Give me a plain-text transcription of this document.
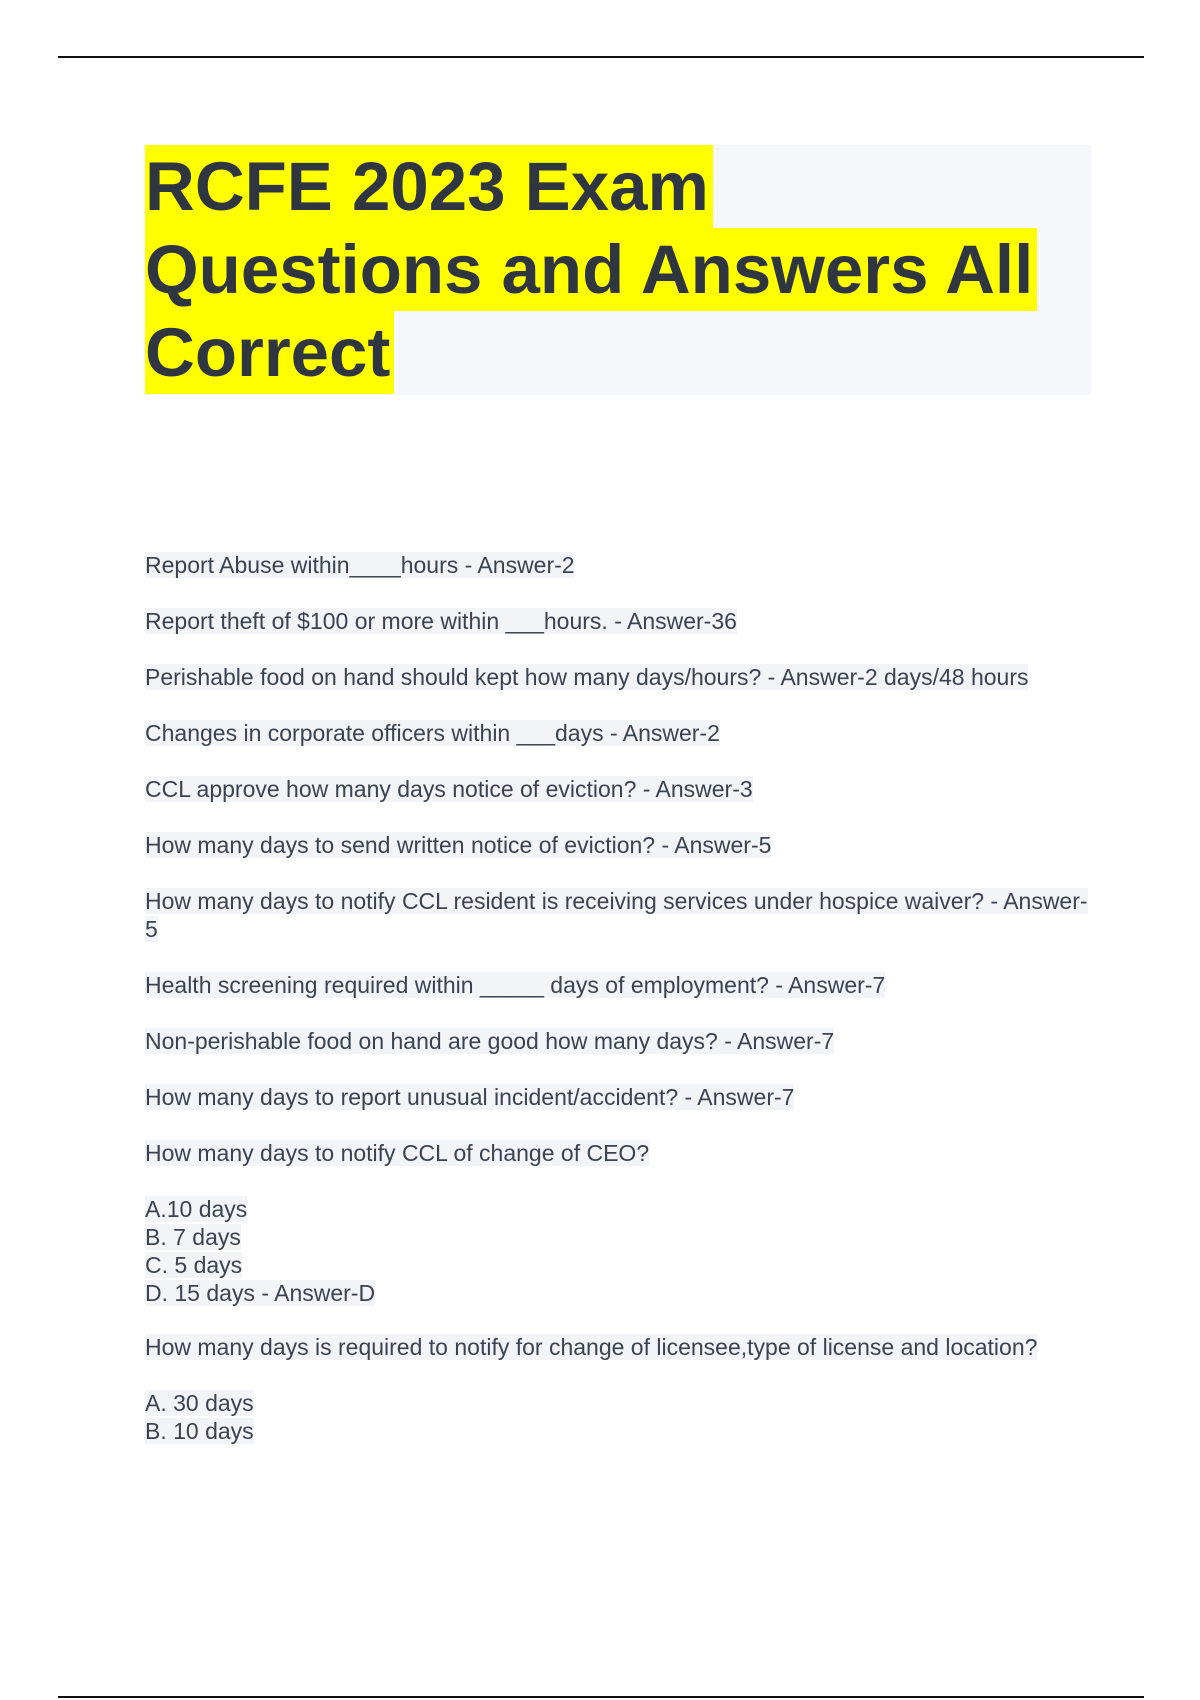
RCFE 2023 Exam
Questions and Answers All
Correct

Report Abuse within____hours - Answer-2

Report theft of $100 or more within ___hours. - Answer-36

Perishable food on hand should kept how many days/hours? - Answer-2 days/48 hours

Changes in corporate officers within ___days - Answer-2

CCL approve how many days notice of eviction? - Answer-3

How many days to send written notice of eviction? - Answer-5

How many days to notify CCL resident is receiving services under hospice waiver? - Answer-5

Health screening required within _____ days of employment? - Answer-7

Non-perishable food on hand are good how many days? - Answer-7

How many days to report unusual incident/accident? - Answer-7

How many days to notify CCL of change of CEO?

A.10 days
B. 7 days
C. 5 days
D. 15 days - Answer-D

How many days is required to notify for change of licensee,type of license and location?

A. 30 days
B. 10 days
